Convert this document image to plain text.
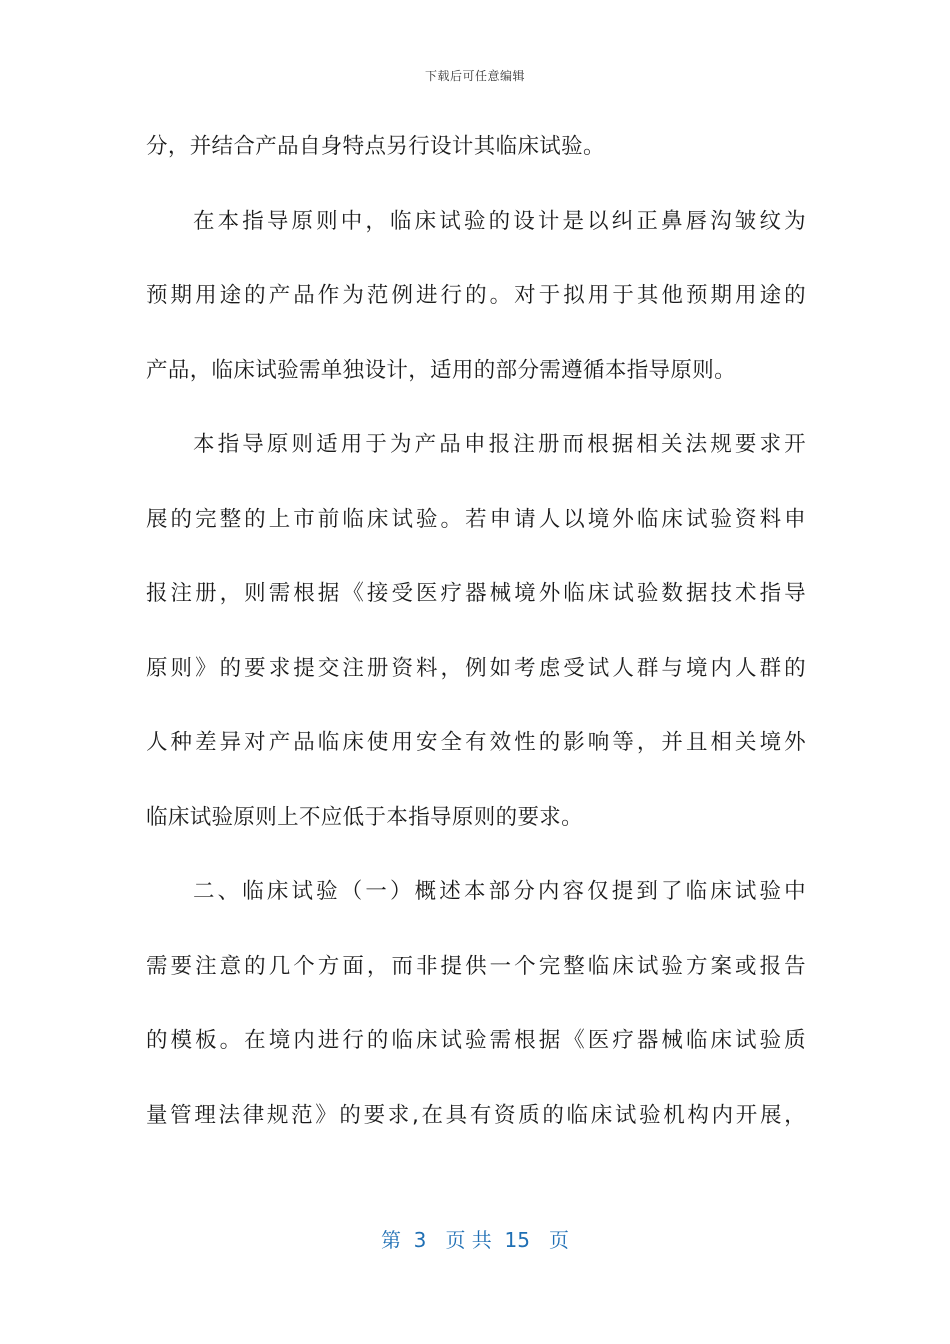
下载后可任意编辑
分，并结合产品自身特点另行设计其临床试验。
在本指导原则中，临床试验的设计是以纠正鼻唇沟皱纹为
预期用途的产品作为范例进行的。对于拟用于其他预期用途的
产品，临床试验需单独设计，适用的部分需遵循本指导原则。
本指导原则适用于为产品申报注册而根据相关法规要求开
展的完整的上市前临床试验。若申请人以境外临床试验资料申
报注册，则需根据《接受医疗器械境外临床试验数据技术指导
原则》的要求提交注册资料，例如考虑受试人群与境内人群的
人种差异对产品临床使用安全有效性的影响等，并且相关境外
临床试验原则上不应低于本指导原则的要求。
二、临床试验（一）概述本部分内容仅提到了临床试验中
需要注意的几个方面，而非提供一个完整临床试验方案或报告
的模板。在境内进行的临床试验需根据《医疗器械临床试验质
量管理法律规范》的要求,在具有资质的临床试验机构内开展，
第  3   页 共  15   页
